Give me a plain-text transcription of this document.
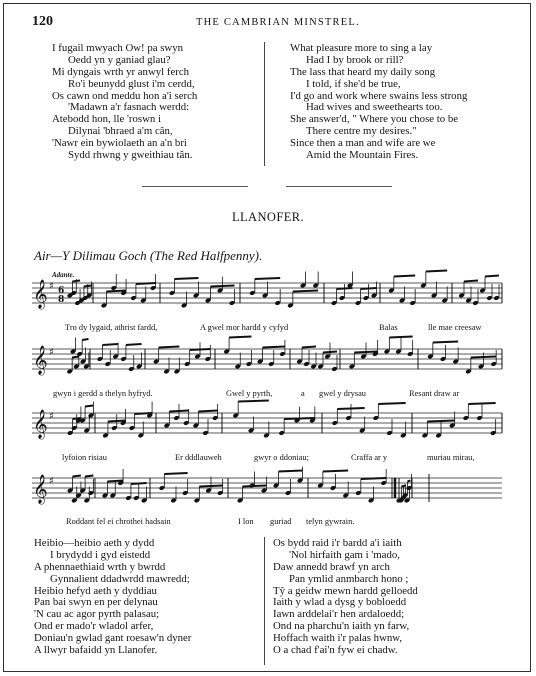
120	THE CAMBRIAN MINSTREL.
I fugail mwyach Ow! pa swyn
Oedd yn y ganiad glau?
Mi dyngais wrth yr anwyl ferch
Ro'i beunydd glust i'm cerdd,
Os cawn ond meddu hon a'i serch
'Madawn a'r fasnach werdd:
Atebodd hon, lle 'roswn i
Dilynai 'bhraed a'm cân,
'Nawr ein bywiolaeth an a'n bri
Sydd rhwng y gweithiau tân.
What pleasure more to sing a lay
Had I by brook or rill?
The lass that heard my daily song
I told, if she'd be true,
I'd go and work where swains less strong
Had wives and sweethearts too.
She answer'd, " Where you chose to be
There centre my desires."
Since then a man and wife are we
Amid the Mountain Fires.
LLANOFER.
Air—Y Dilimau Goch (The Red Halfpenny).
Adante.
𝄞 ♯ 6
8
𝄞 ♯
𝄞 ♯
𝄞 ♯
Tro dy lygaid, athrist fardd,	A gwel mor hardd y cyfyd	Balas	lle mae creesaw
gwyn i gerdd a thelyn hyfryd.	Gwel y pyrth,	a gwel y drysau	Resant draw ar
lyfoion risiau	Er dddlauweh	gwyr o ddoniau;	Craffa ar y	muriau mirau,
Roddant fel ei chrothei hadsain	I lon guriad telyn gywrain.
Heibio—heibio aeth y dydd
I brydydd i gyd eistedd
A phennaethiaid wrth y bwrdd
Gynnalient ddadwrdd mawredd;
Heibio hefyd aeth y dyddiau
Pan bai swyn en per delynau
'N cau ac agor pyrth palasau;
Ond er mado'r wladol arfer,
Doniau'n gwlad gant roesaw'n dyner
A llwyr bafaidd yn Llanofer.
Os bydd raid i'r bardd a'i iaith
'Nol hirfaith gam i 'mado,
Daw annedd brawf yn arch
Pan ymlid anmbarch hono ;
Tŷ a geidw mewn hardd gelloedd
Iaith y wlad a dysg y bobloedd
Iawn arddelai'r hen ardaloedd;
Ond na pharchu'n iaith yn farw,
Hoffach waith i'r palas hwnw,
O a chad f'ai'n fyw ei chadw.
